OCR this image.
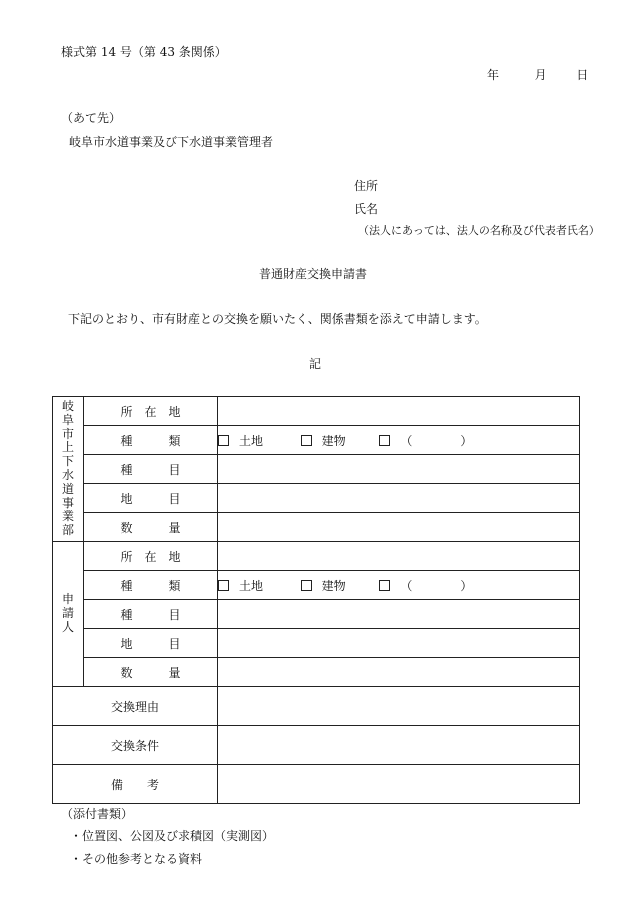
様式第 14 号（第 43 条関係）
年	月 日
（あて先）
岐阜市水道事業及び下水道事業管理者
住所
氏名
（法人にあっては、法人の名称及び代表者氏名）
普通財産交換申請書
下記のとおり、市有財産との交換を願いたく、関係書類を添えて申請します。
記
岐阜市上下水道事業部	所　在　地	
	種　　　類	土地 建物 （　　　　）
	種　　　目	
	地　　　目	
	数　　　量	
申請人	所　在　地	
	種　　　類	土地 建物 （　　　　）
	種　　　目	
	地　　　目	
	数　　　量	
交換理由		
交換条件		
備　　考		
（添付書類）
・位置図、公図及び求積図（実測図）
・その他参考となる資料
